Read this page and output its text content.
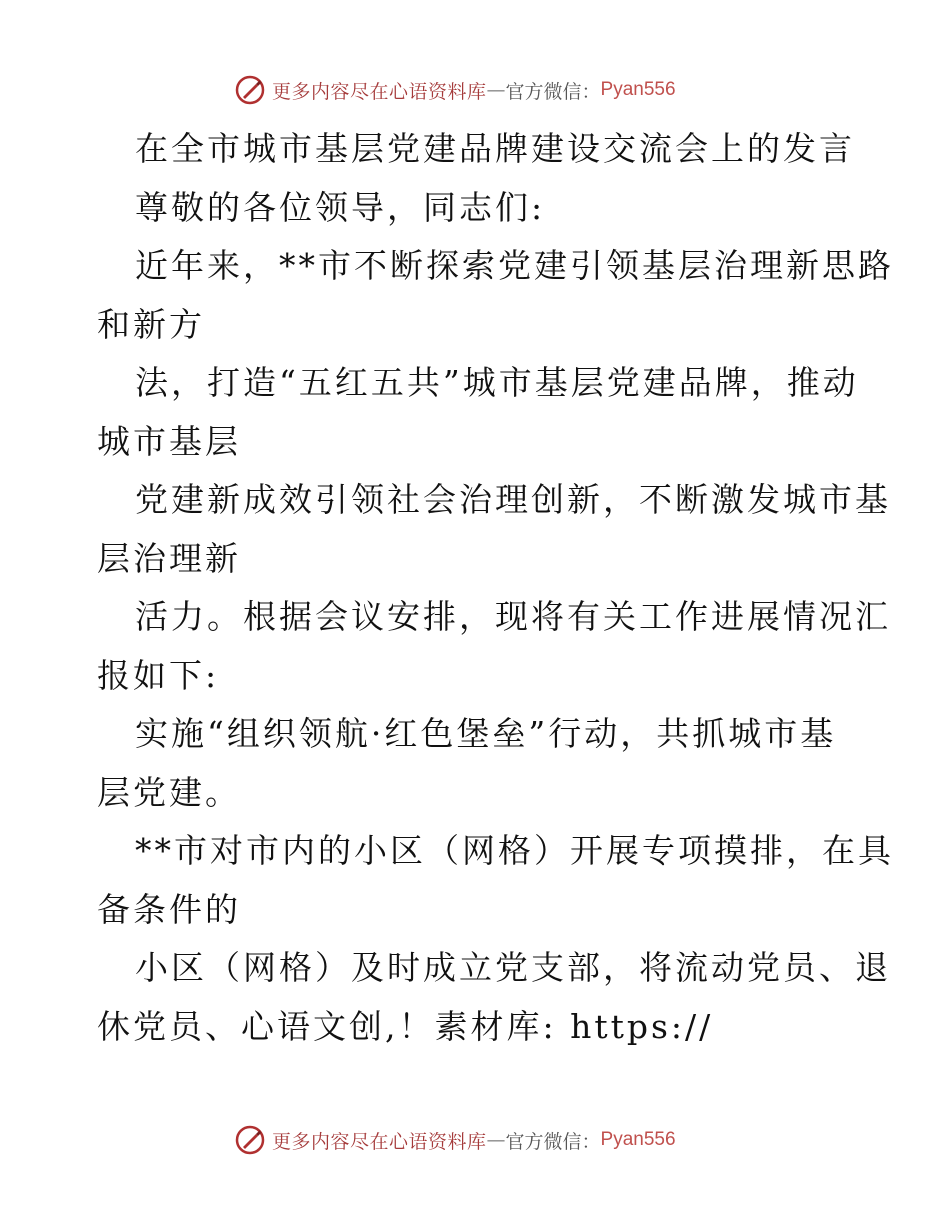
更多内容尽在心语资料库 — 官方微信： Pyan556
在全市城市基层党建品牌建设交流会上的发言
尊敬的各位领导，同志们:
近年来，**市不断探索党建引领基层治理新思路
和新方
法，打造“五红五共”城市基层党建品牌，推动
城市基层
党建新成效引领社会治理创新，不断激发城市基
层治理新
活力。根据会议安排，现将有关工作进展情况汇
报如下:
实施“组织领航·红色堡垒”行动，共抓城市基
层党建。
**市对市内的小区（网格）开展专项摸排，在具
备条件的
小区（网格）及时成立党支部，将流动党员、退
休党员、心语文创,！素材库: https://
更多内容尽在心语资料库 — 官方微信： Pyan556
